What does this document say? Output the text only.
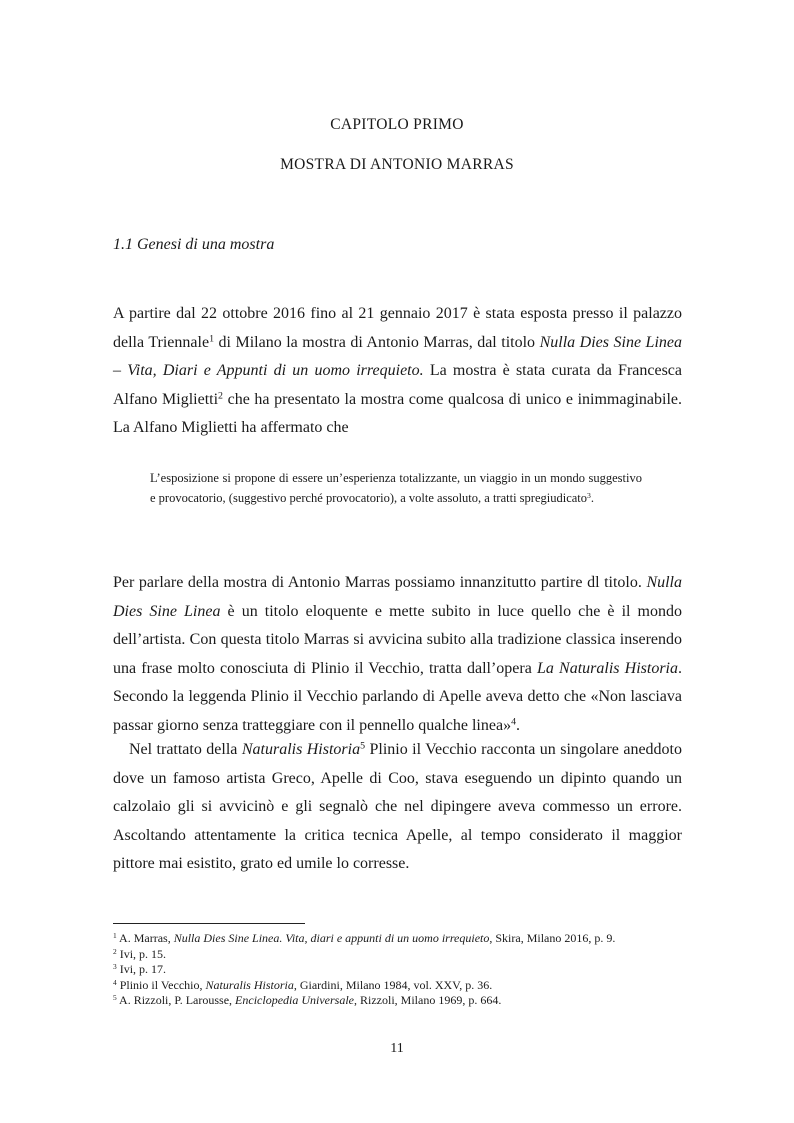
CAPITOLO PRIMO
MOSTRA DI ANTONIO MARRAS
1.1 Genesi di una mostra

A partire dal 22 ottobre 2016 fino al 21 gennaio 2017 è stata esposta presso il palazzo della Triennale$^1$ di Milano la mostra di Antonio Marras, dal titolo Nulla Dies Sine Linea – Vita, Diari e Appunti di un uomo irrequieto. La mostra è stata curata da Francesca Alfano Miglietti$^2$ che ha presentato la mostra come qualcosa di unico e inimmaginabile. La Alfano Miglietti ha affermato che

L’esposizione si propone di essere un’esperienza totalizzante, un viaggio in un mondo suggestivo e provocatorio, (suggestivo perché provocatorio), a volte assoluto, a tratti spregiudicato$^3$.

Per parlare della mostra di Antonio Marras possiamo innanzitutto partire dl titolo. Nulla Dies Sine Linea è un titolo eloquente e mette subito in luce quello che è il mondo dell’artista. Con questa titolo Marras si avvicina subito alla tradizione classica inserendo una frase molto conosciuta di Plinio il Vecchio, tratta dall’opera La Naturalis Historia. Secondo la leggenda Plinio il Vecchio parlando di Apelle aveva detto che «Non lasciava passar giorno senza tratteggiare con il pennello qualche linea»$^4$.

Nel trattato della Naturalis Historia$^5$ Plinio il Vecchio racconta un singolare aneddoto dove un famoso artista Greco, Apelle di Coo, stava eseguendo un dipinto quando un calzolaio gli si avvicinò e gli segnalò che nel dipingere aveva commesso un errore. Ascoltando attentamente la critica tecnica Apelle, al tempo considerato il maggior pittore mai esistito, grato ed umile lo corresse.

$^1$ A. Marras, Nulla Dies Sine Linea. Vita, diari e appunti di un uomo irrequieto, Skira, Milano 2016, p. 9.

$^2$ Ivi, p. 15.

$^3$ Ivi, p. 17.

$^4$ Plinio il Vecchio, Naturalis Historia, Giardini, Milano 1984, vol. XXV, p. 36.

$^5$ A. Rizzoli, P. Larousse, Enciclopedia Universale, Rizzoli, Milano 1969, p. 664.

11
